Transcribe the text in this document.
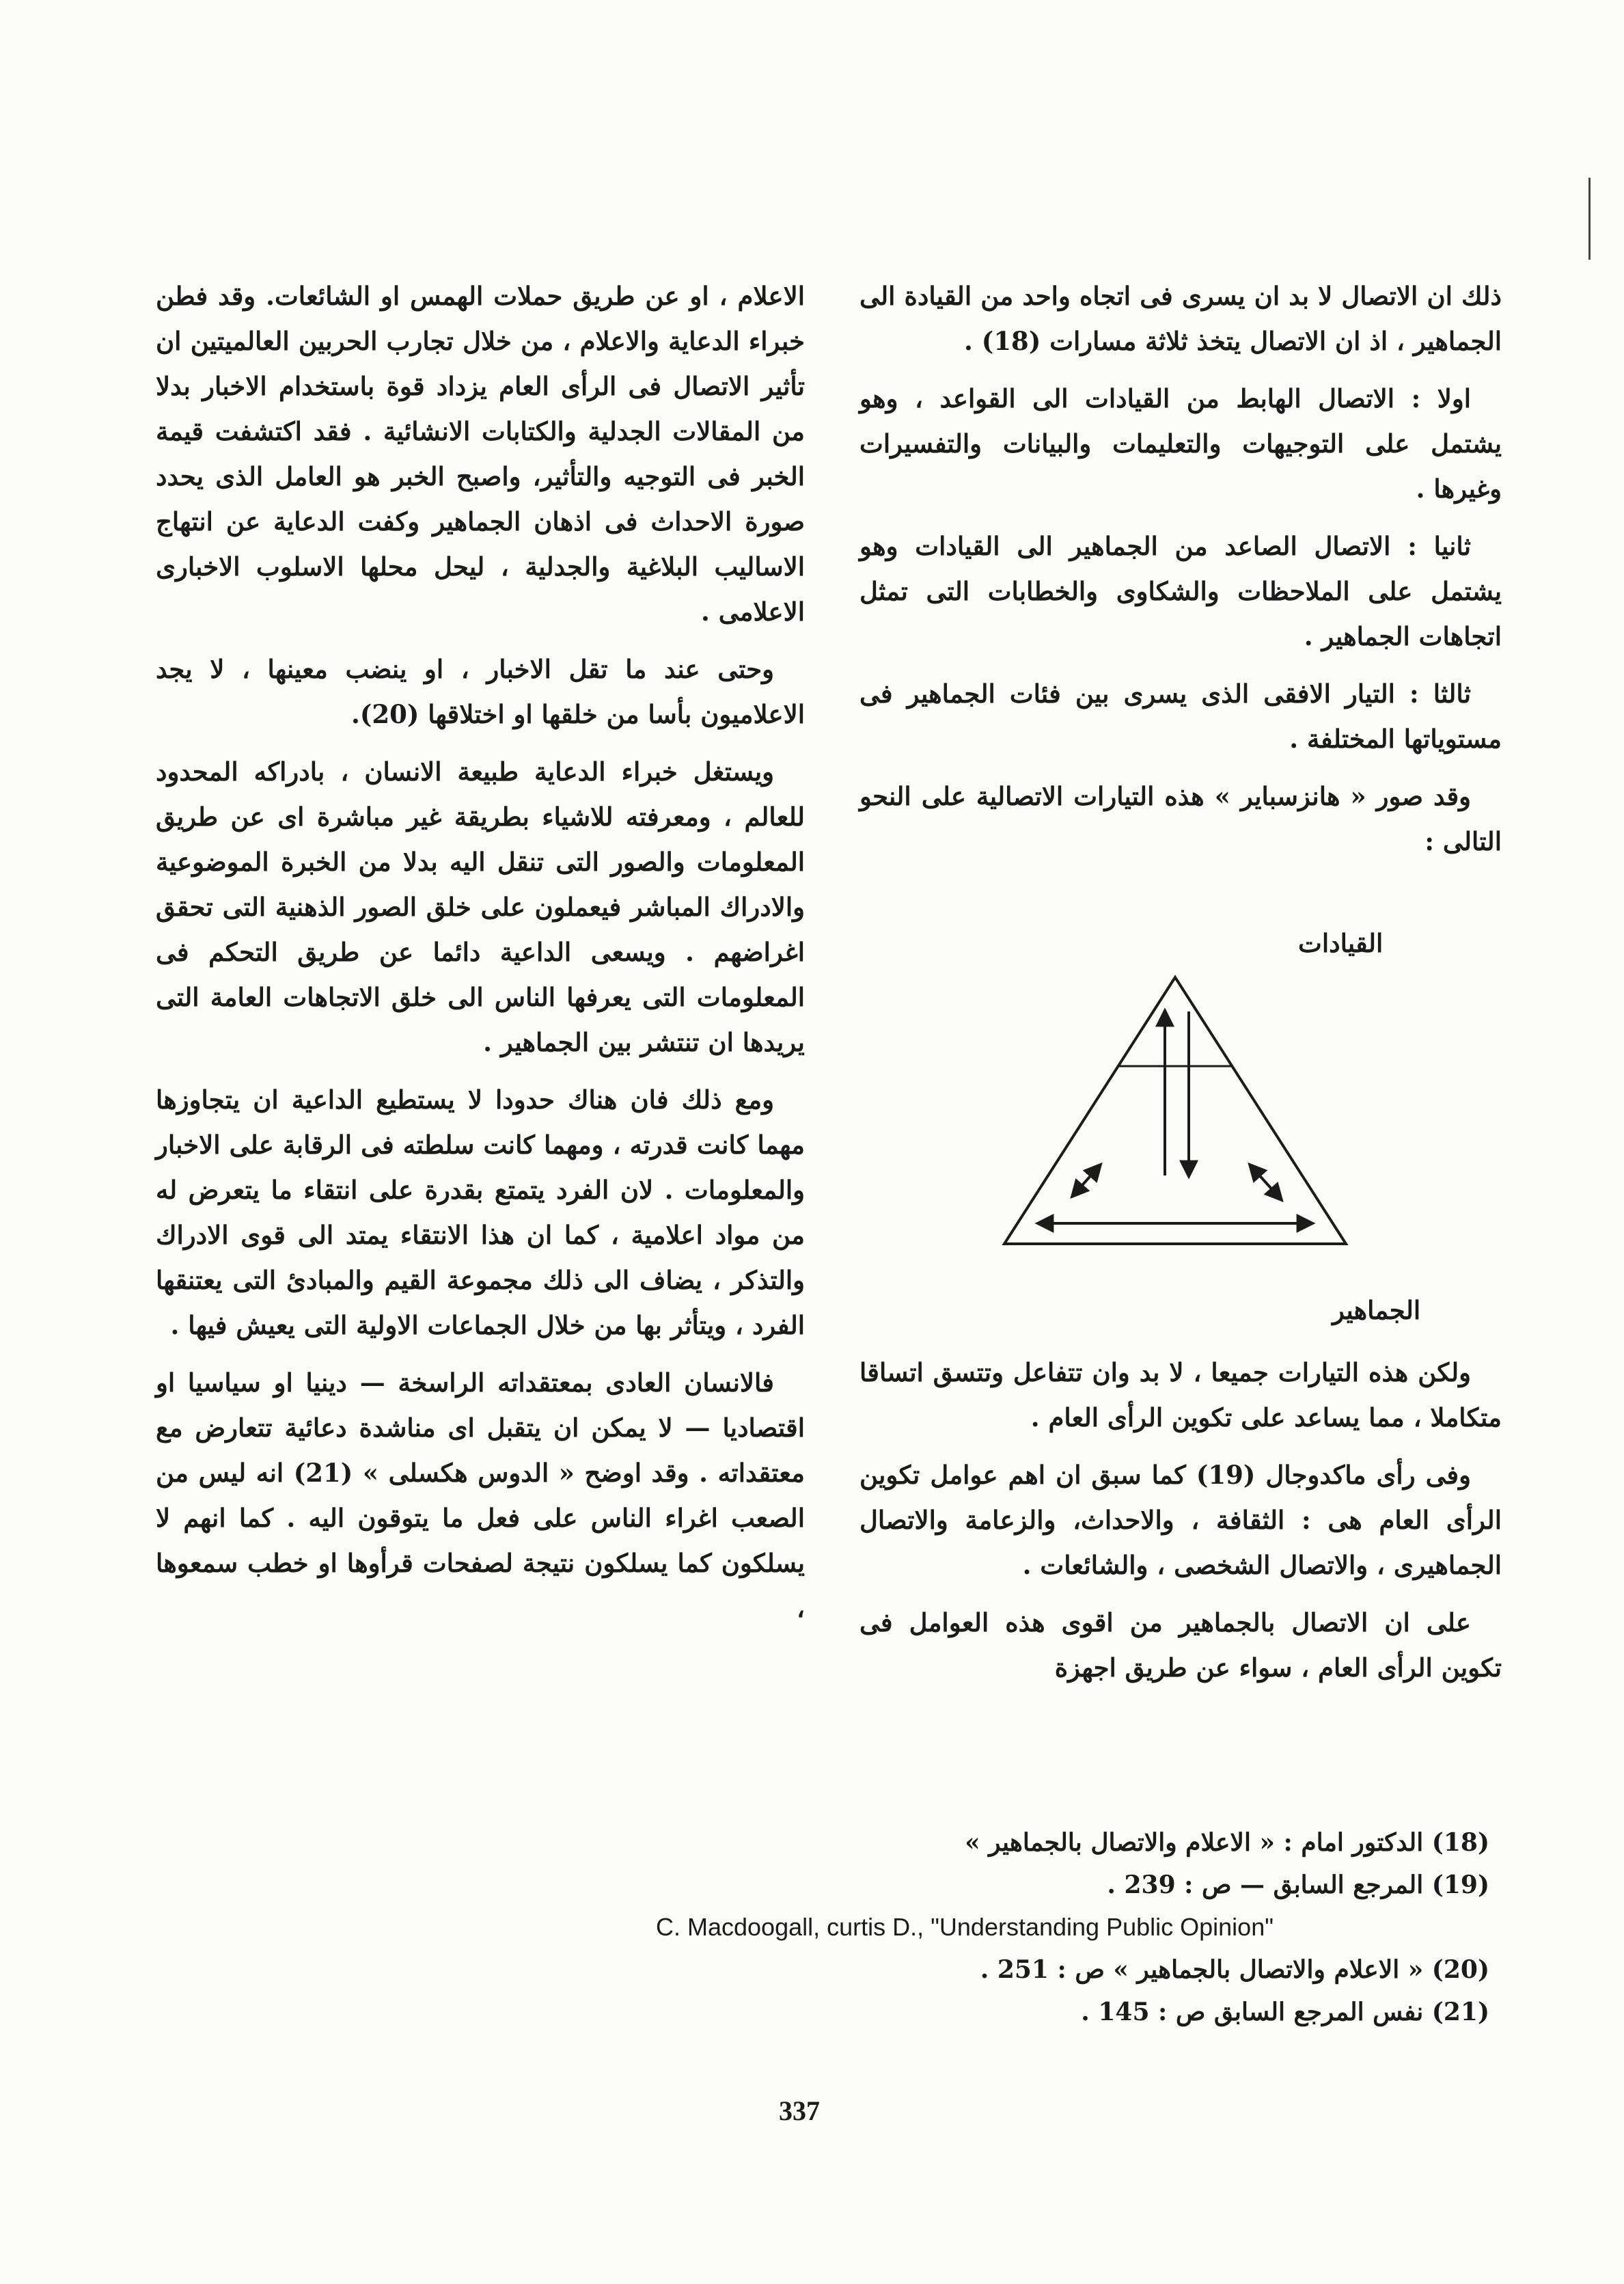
ذلك ان الاتصال لا بد ان يسرى فى اتجاه واحد من القيادة الى الجماهير ، اذ ان الاتصال يتخذ ثلاثة مسارات (18) .

اولا : الاتصال الهابط من القيادات الى القواعد ، وهو يشتمل على التوجيهات والتعليمات والبيانات والتفسيرات وغيرها .

ثانيا : الاتصال الصاعد من الجماهير الى القيادات وهو يشتمل على الملاحظات والشكاوى والخطابات التى تمثل اتجاهات الجماهير .

ثالثا : التيار الافقى الذى يسرى بين فئات الجماهير فى مستوياتها المختلفة .

وقد صور « هانزسباير » هذه التيارات الاتصالية على النحو التالى :

القيادات
الجماهير

ولكن هذه التيارات جميعا ، لا بد وان تتفاعل وتتسق اتساقا متكاملا ، مما يساعد على تكوين الرأى العام .

وفى رأى ماكدوجال (19) كما سبق ان اهم عوامل تكوين الرأى العام هى : الثقافة ، والاحداث، والزعامة والاتصال الجماهيرى ، والاتصال الشخصى ، والشائعات .

على ان الاتصال بالجماهير من اقوى هذه العوامل فى تكوين الرأى العام ، سواء عن طريق اجهزة

الاعلام ، او عن طريق حملات الهمس او الشائعات. وقد فطن خبراء الدعاية والاعلام ، من خلال تجارب الحربين العالميتين ان تأثير الاتصال فى الرأى العام يزداد قوة باستخدام الاخبار بدلا من المقالات الجدلية والكتابات الانشائية . فقد اكتشفت قيمة الخبر فى التوجيه والتأثير، واصبح الخبر هو العامل الذى يحدد صورة الاحداث فى اذهان الجماهير وكفت الدعاية عن انتهاج الاساليب البلاغية والجدلية ، ليحل محلها الاسلوب الاخبارى الاعلامى .

وحتى عند ما تقل الاخبار ، او ينضب معينها ، لا يجد الاعلاميون بأسا من خلقها او اختلاقها (20).

ويستغل خبراء الدعاية طبيعة الانسان ، بادراكه المحدود للعالم ، ومعرفته للاشياء بطريقة غير مباشرة اى عن طريق المعلومات والصور التى تنقل اليه بدلا من الخبرة الموضوعية والادراك المباشر فيعملون على خلق الصور الذهنية التى تحقق اغراضهم . ويسعى الداعية دائما عن طريق التحكم فى المعلومات التى يعرفها الناس الى خلق الاتجاهات العامة التى يريدها ان تنتشر بين الجماهير .

ومع ذلك فان هناك حدودا لا يستطيع الداعية ان يتجاوزها مهما كانت قدرته ، ومهما كانت سلطته فى الرقابة على الاخبار والمعلومات . لان الفرد يتمتع بقدرة على انتقاء ما يتعرض له من مواد اعلامية ، كما ان هذا الانتقاء يمتد الى قوى الادراك والتذكر ، يضاف الى ذلك مجموعة القيم والمبادئ التى يعتنقها الفرد ، ويتأثر بها من خلال الجماعات الاولية التى يعيش فيها .

فالانسان العادى بمعتقداته الراسخة — دينيا او سياسيا او اقتصاديا — لا يمكن ان يتقبل اى مناشدة دعائية تتعارض مع معتقداته . وقد اوضح « الدوس هكسلى » (21) انه ليس من الصعب اغراء الناس على فعل ما يتوقون اليه . كما انهم لا يسلكون كما يسلكون نتيجة لصفحات قرأوها او خطب سمعوها ،

(18) الدكتور امام : « الاعلام والاتصال بالجماهير »
(19) المرجع السابق — ص : 239 .
C. Macdoogall, curtis D., "Understanding Public Opinion"
(20) « الاعلام والاتصال بالجماهير » ص : 251 .
(21) نفس المرجع السابق ص : 145 .
337
